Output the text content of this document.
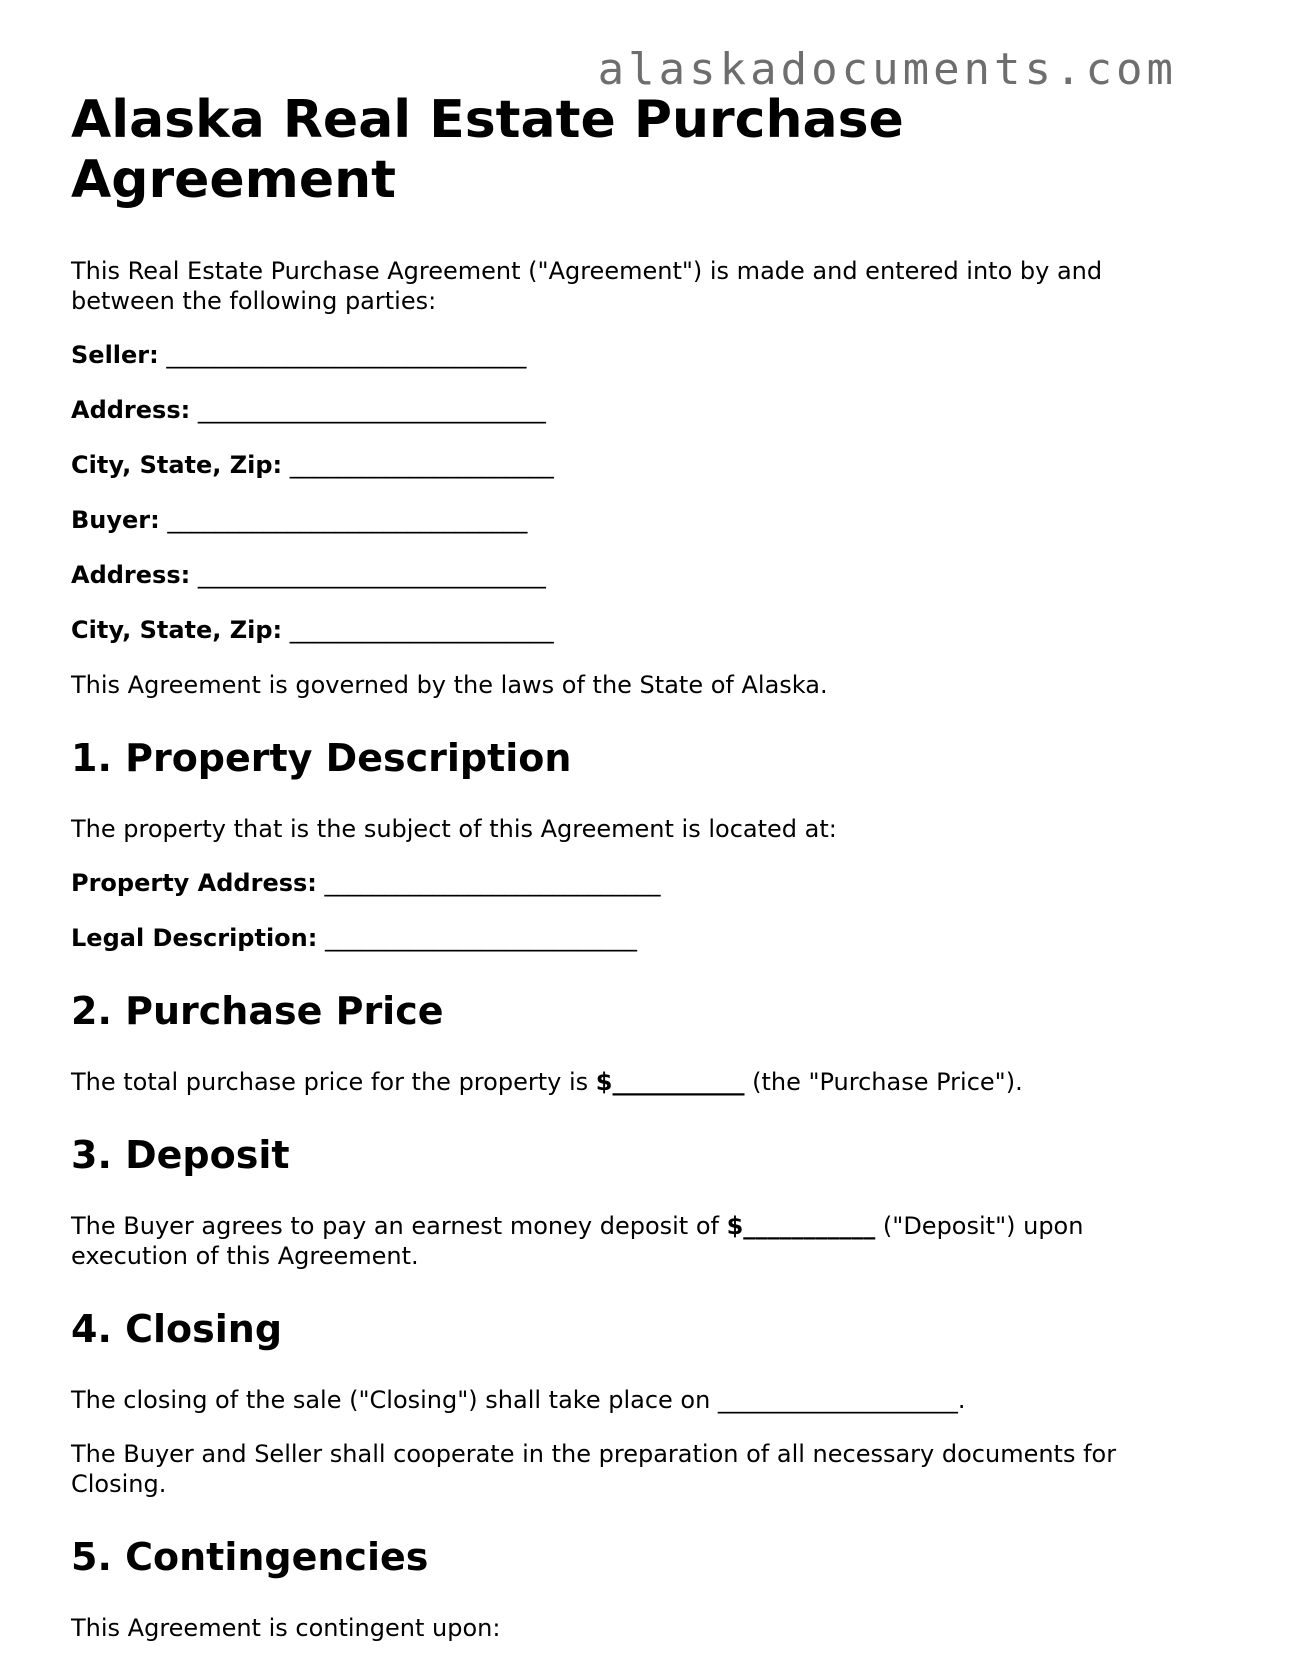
alaskadocuments.com
Alaska Real Estate Purchase Agreement

This Real Estate Purchase Agreement ("Agreement") is made and entered into by and between the following parties:

Seller: ______________________________
Address: _____________________________
City, State, Zip: ______________________
Buyer: ______________________________
Address: _____________________________
City, State, Zip: ______________________

This Agreement is governed by the laws of the State of Alaska.

1. Property Description

The property that is the subject of this Agreement is located at:

Property Address: ____________________________
Legal Description: __________________________
2. Purchase Price

The total purchase price for the property is $___________ (the "Purchase Price").

3. Deposit

The Buyer agrees to pay an earnest money deposit of $___________ ("Deposit") upon execution of this Agreement.

4. Closing

The closing of the sale ("Closing") shall take place on ____________________.

The Buyer and Seller shall cooperate in the preparation of all necessary documents for Closing.

5. Contingencies

This Agreement is contingent upon:
